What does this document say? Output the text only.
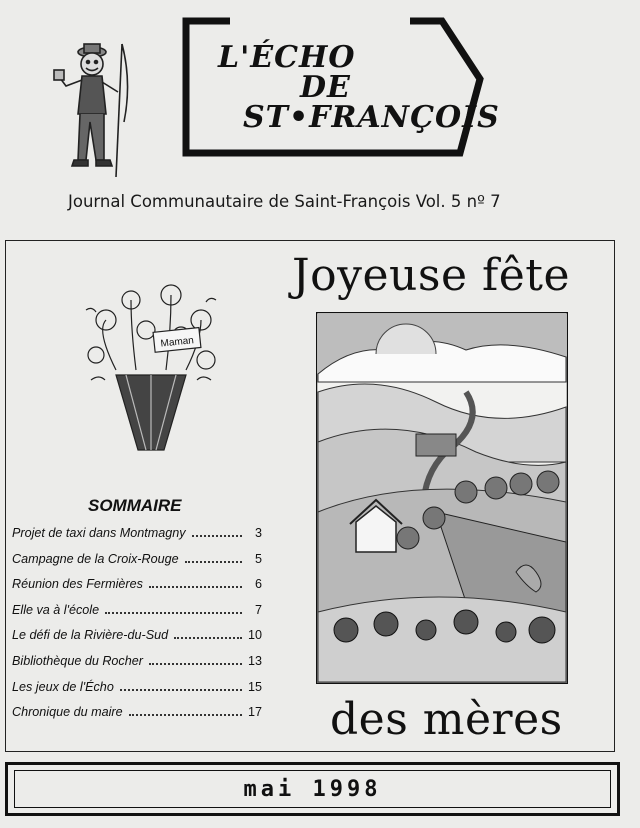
L'ÉCHO
DE
ST•FRANÇOIS
Journal Communautaire de Saint-François Vol. 5 nº 7
Joyeuse fête
des mères
Maman
SOMMAIRE
Projet de taxi dans Montmagny	3
Campagne de la Croix-Rouge	5
Réunion des Fermières	6
Elle va à l'école	7
Le défi de la Rivière-du-Sud	10
Bibliothèque du Rocher	13
Les jeux de l'Écho	15
Chronique du maire	17
mai 1998
